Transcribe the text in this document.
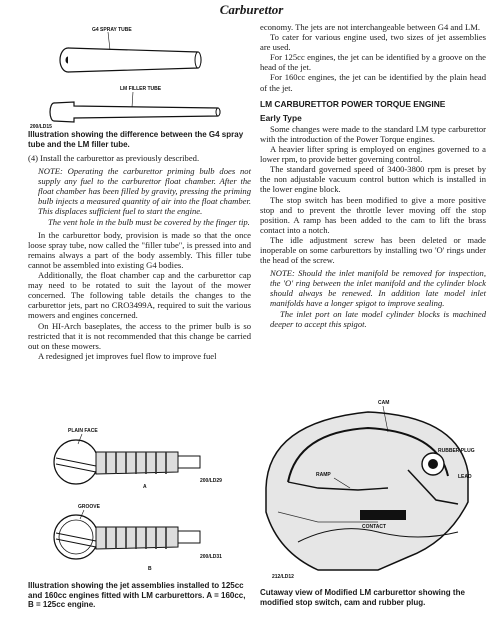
Carburettor
G4 SPRAY TUBE
LM FILLER TUBE
200/LD15
Illustration showing the difference between the G4 spray tube and the LM filler tube.

(4) Install the carburettor as previously described.

NOTE: Operating the carburettor priming bulb does not supply any fuel to the carburettor float chamber. After the float chamber has been filled by gravity, pressing the priming bulb injects a measured quantity of air into the float chamber. This displaces sufficient fuel to start the engine.

The vent hole in the bulb must be covered by the finger tip.

In the carburettor body, provision is made so that the once loose spray tube, now called the "filler tube", is pressed into and remains always a part of the body assembly. This filler tube cannot be assembled into existing G4 bodies.

Additionally, the float chamber cap and the carburettor cap may need to be rotated to suit the layout of the mower concerned. The following table details the changes to the carburettor jets, part no CRO3499A, required to suit the various mowers and engines concerned.

On HI-Arch baseplates, the access to the primer bulb is so restricted that it is not recommended that this change be carried out on these mowers.

A redesigned jet improves fuel flow to improve fuel

PLAIN FACE
A
200/LD29
GROOVE
B
200/LD31
Illustration showing the jet assemblies installed to 125cc and 160cc engines fitted with LM carburettors. A = 160cc, B = 125cc engine.

economy. The jets are not interchangeable between G4 and LM.

To cater for various engine used, two sizes of jet assemblies are used.

For 125cc engines, the jet can be identified by a groove on the head of the jet.

For 160cc engines, the jet can be identified by the plain head of the jet.

LM CARBURETTOR POWER TORQUE ENGINE
Early Type

Some changes were made to the standard LM type carburettor with the introduction of the Power Torque engines.

A heavier lifter spring is employed on engines governed to a lower rpm, to provide better governing control.

The standard governed speed of 3400-3800 rpm is preset by the non adjustable vacuum control button which is installed in the lower engine block.

The stop switch has been modified to give a more positive stop and to prevent the throttle lever moving off the stop position. A ramp has been added to the cam to lift the brass contact into a notch.

The idle adjustment screw has been deleted or made inoperable on some carburettors by installing two 'O' rings under the head of the screw.

NOTE: Should the inlet manifold be removed for inspection, the 'O' ring between the inlet manifold and the cylinder block should always be renewed. In addition late model inlet manifolds have a longer spigot to improve sealing.

The inlet port on late model cylinder blocks is machined deeper to accept this spigot.

CAM
RUBBER PLUG
RAMP	LEAD
CONTACT
212/LD12
Cutaway view of Modified LM carburettor showing the modified stop switch, cam and rubber plug.
